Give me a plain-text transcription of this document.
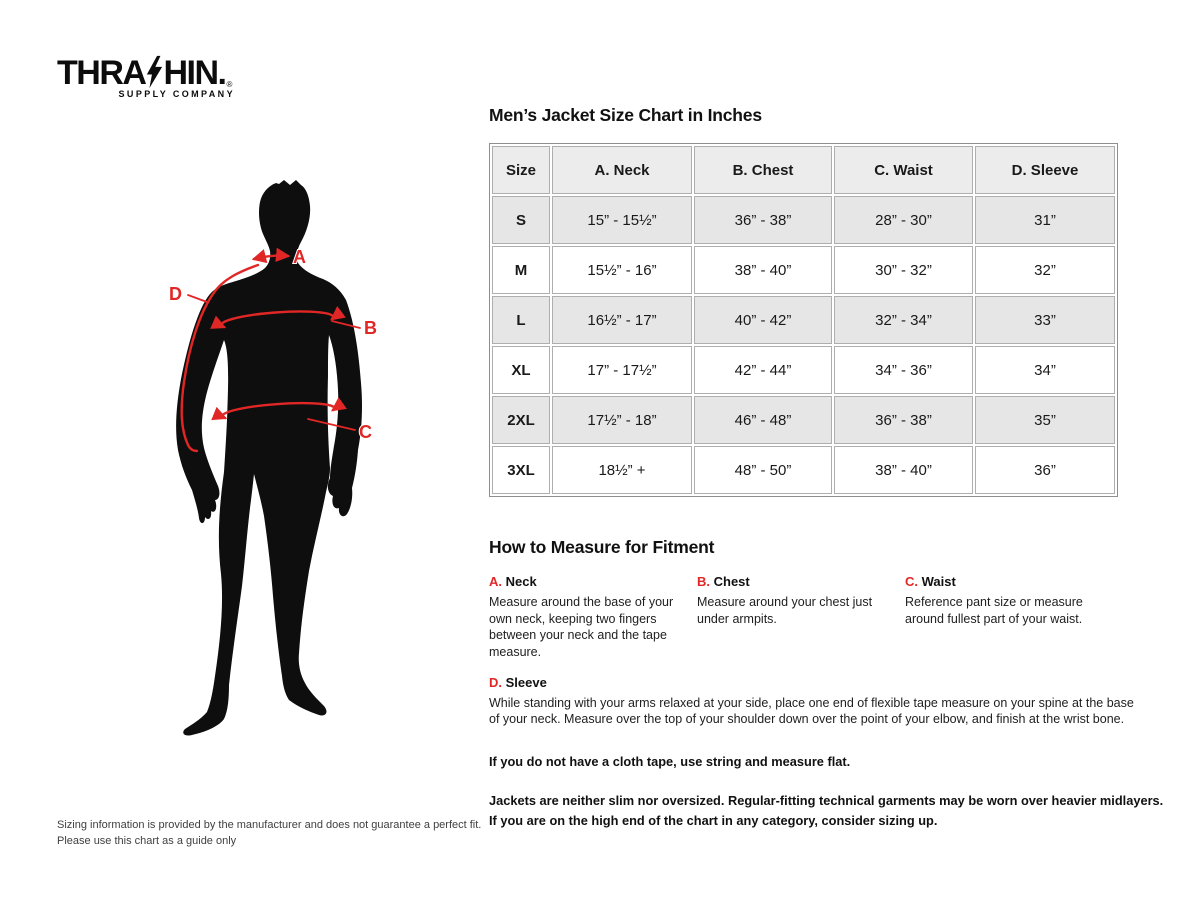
THRA HIN. ®
SUPPLY COMPANY
A
B
C
D
Men’s Jacket Size Chart in Inches
Size	A. Neck	B. Chest	C. Waist	D. Sleeve
S	15” - 15½”	36” - 38”	28” - 30”	31”
M	15½” - 16”	38” - 40”	30” - 32”	32”
L	16½” - 17”	40” - 42”	32” - 34”	33”
XL	17” - 17½”	42” - 44”	34” - 36”	34”
2XL	17½” - 18”	46” - 48”	36” - 38”	35”
3XL	18½” +	48” - 50”	38” - 40”	36”
How to Measure for Fitment
A. Neck
Measure around the base of your own neck, keeping two fingers between your neck and the tape measure.
B. Chest
Measure around your chest just under armpits.
C. Waist
Reference pant size or measure around fullest part of your waist.
D. Sleeve
While standing with your arms relaxed at your side, place one end of flexible tape measure on your spine at the base of your neck. Measure over the top of your shoulder down over the point of your elbow, and finish at the wrist bone.
If you do not have a cloth tape, use string and measure flat.
Jackets are neither slim nor oversized. Regular-fitting technical garments may be worn over heavier midlayers.
If you are on the high end of the chart in any category, consider sizing up.
Sizing information is provided by the manufacturer and does not guarantee a perfect fit.
Please use this chart as a guide only
